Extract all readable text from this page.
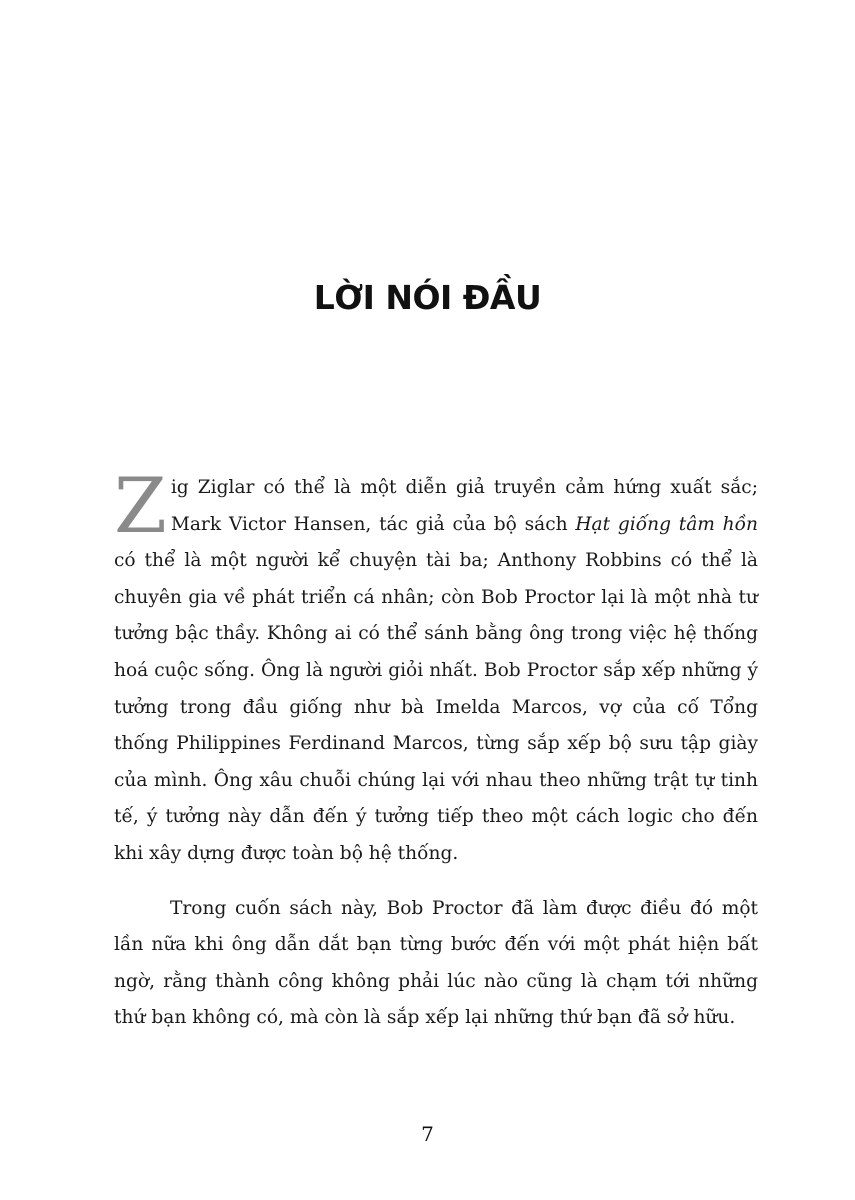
LỜI NÓI ĐẦU

Zig Ziglar có thể là một diễn giả truyền cảm hứng xuất sắc; Mark Victor Hansen, tác giả của bộ sách Hạt giống tâm hồn có thể là một người kể chuyện tài ba; Anthony Robbins có thể là chuyên gia về phát triển cá nhân; còn Bob Proctor lại là một nhà tư tưởng bậc thầy. Không ai có thể sánh bằng ông trong việc hệ thống hoá cuộc sống. Ông là người giỏi nhất. Bob Proctor sắp xếp những ý tưởng trong đầu giống như bà Imelda Marcos, vợ của cố Tổng thống Philippines Ferdinand Marcos, từng sắp xếp bộ sưu tập giày của mình. Ông xâu chuỗi chúng lại với nhau theo những trật tự tinh tế, ý tưởng này dẫn đến ý tưởng tiếp theo một cách logic cho đến khi xây dựng được toàn bộ hệ thống.

Trong cuốn sách này, Bob Proctor đã làm được điều đó một lần nữa khi ông dẫn dắt bạn từng bước đến với một phát hiện bất ngờ, rằng thành công không phải lúc nào cũng là chạm tới những thứ bạn không có, mà còn là sắp xếp lại những thứ bạn đã sở hữu.

7
